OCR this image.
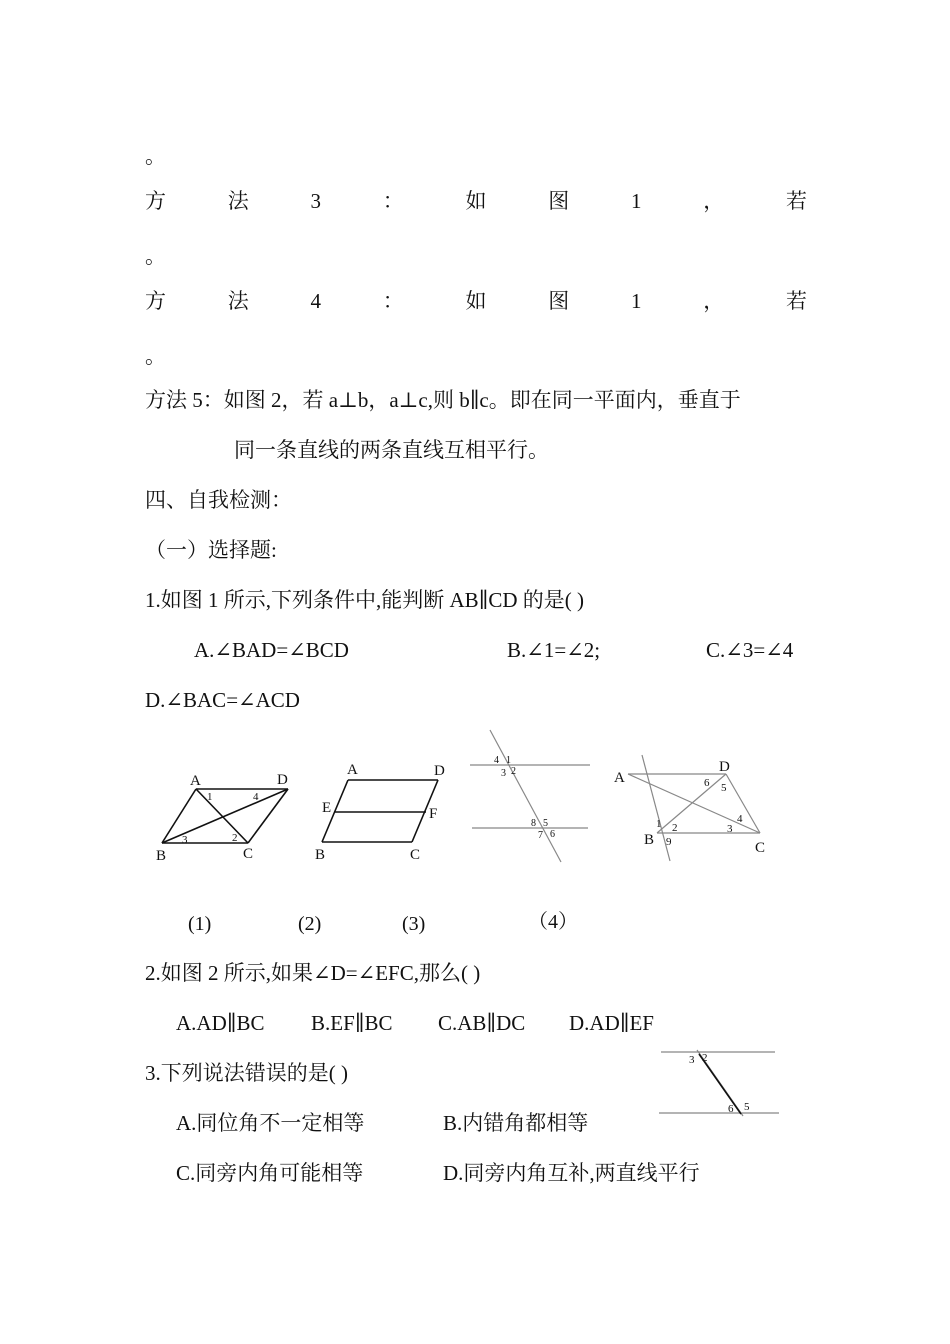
。
方	法	3	：	如	图	1	，	若
。
方	法	4	：	如	图	1	，	若
。
方法 5：如图 2，若 a⊥b，a⊥c,则 b∥c。即在同一平面内，垂直于
同一条直线的两条直线互相平行。
四、自我检测：
（一）选择题:
1.如图 1 所示,下列条件中,能判断 AB∥CD 的是( )
A.∠BAD=∠BCD	B.∠1=∠2;	C.∠3=∠4
D.∠BAC=∠ACD
A	D
B	C
1	4
3	2
A	D
E	F
B	C
4 1
3 2
8 5
7 6
A
D
6 5
4
3
1 2
B 9	C
(1)	(2)	(3)	（4）
2.如图 2 所示,如果∠D=∠EFC,那么( )
A.AD∥BC B.EF∥BC C.AB∥DC D.AD∥EF
3.下列说法错误的是( )
3 2
6 5
A.同位角不一定相等	B.内错角都相等
C.同旁内角可能相等	D.同旁内角互补,两直线平行
